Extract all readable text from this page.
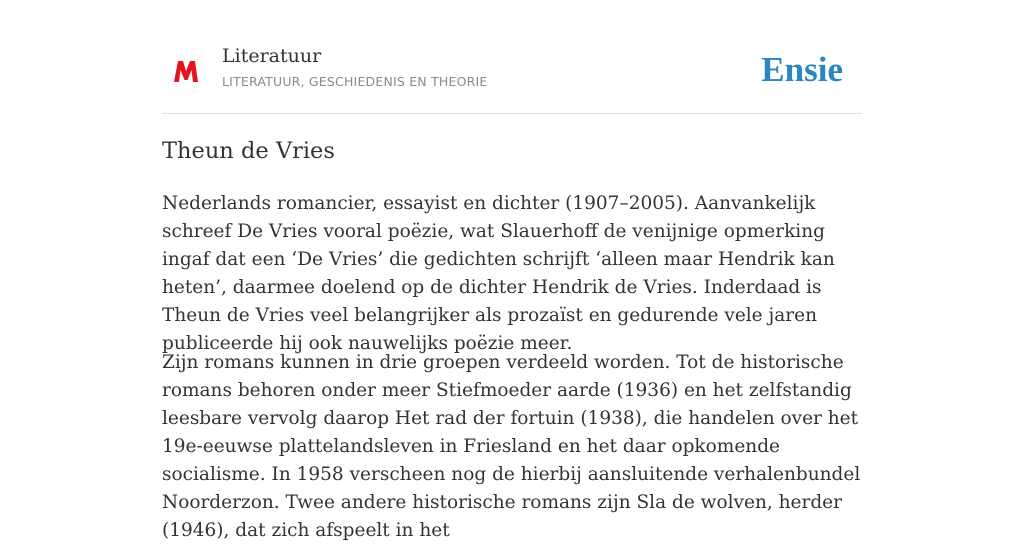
Literatuur
LITERATUUR, GESCHIEDENIS EN THEORIE	Ensie
Theun de Vries

Nederlands romancier, essayist en dichter (1907–2005). Aanvankelijk schreef De Vries vooral poëzie, wat Slauerhoff de venijnige opmerking ingaf dat een ‘De Vries’ die gedichten schrijft ‘alleen maar Hendrik kan heten’, daarmee doelend op de dichter Hendrik de Vries. Inderdaad is Theun de Vries veel belangrijker als prozaïst en gedurende vele jaren publiceerde hij ook nauwelijks poëzie meer.

Zijn romans kunnen in drie groepen verdeeld worden. Tot de historische romans behoren onder meer Stiefmoeder aarde (1936) en het zelfstandig leesbare vervolg daarop Het rad der fortuin (1938), die handelen over het 19e-eeuwse plattelandsleven in Friesland en het daar opkomende socialisme. In 1958 verscheen nog de hierbij aansluitende verhalenbundel Noorderzon. Twee andere historische romans zijn Sla de wolven, herder (1946), dat zich afspeelt in het
